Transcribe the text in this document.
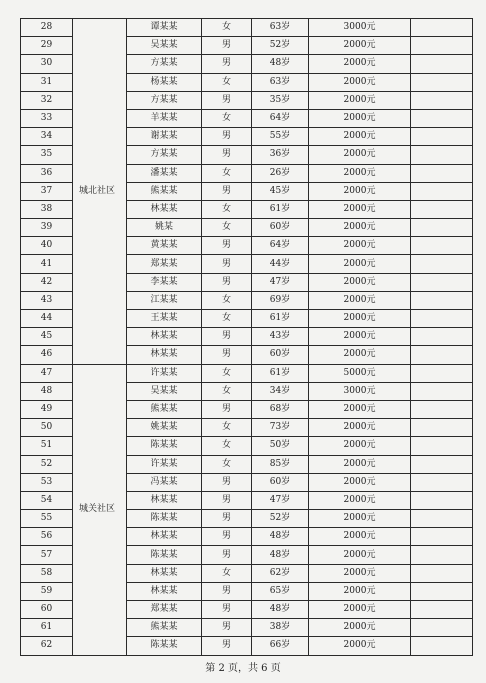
28	城北社区	谭某某	女	63岁	3000元	
29		吴某某	男	52岁	2000元	
30		方某某	男	48岁	2000元	
31		杨某某	女	63岁	2000元	
32		方某某	男	35岁	2000元	
33		羊某某	女	64岁	2000元	
34		谢某某	男	55岁	2000元	
35		方某某	男	36岁	2000元	
36		潘某某	女	26岁	2000元	
37		熊某某	男	45岁	2000元	
38		林某某	女	61岁	2000元	
39		姚某	女	60岁	2000元	
40		黄某某	男	64岁	2000元	
41		郑某某	男	44岁	2000元	
42		李某某	男	47岁	2000元	
43		江某某	女	69岁	2000元	
44		王某某	女	61岁	2000元	
45		林某某	男	43岁	2000元	
46		林某某	男	60岁	2000元	
47	城关社区	许某某	女	61岁	5000元	
48		吴某某	女	34岁	3000元	
49		熊某某	男	68岁	2000元	
50		姚某某	女	73岁	2000元	
51		陈某某	女	50岁	2000元	
52		许某某	女	85岁	2000元	
53		冯某某	男	60岁	2000元	
54		林某某	男	47岁	2000元	
55		陈某某	男	52岁	2000元	
56		林某某	男	48岁	2000元	
57		陈某某	男	48岁	2000元	
58		林某某	女	62岁	2000元	
59		林某某	男	65岁	2000元	
60		郑某某	男	48岁	2000元	
61		熊某某	男	38岁	2000元	
62		陈某某	男	66岁	2000元	
第 2 页，共 6 页
